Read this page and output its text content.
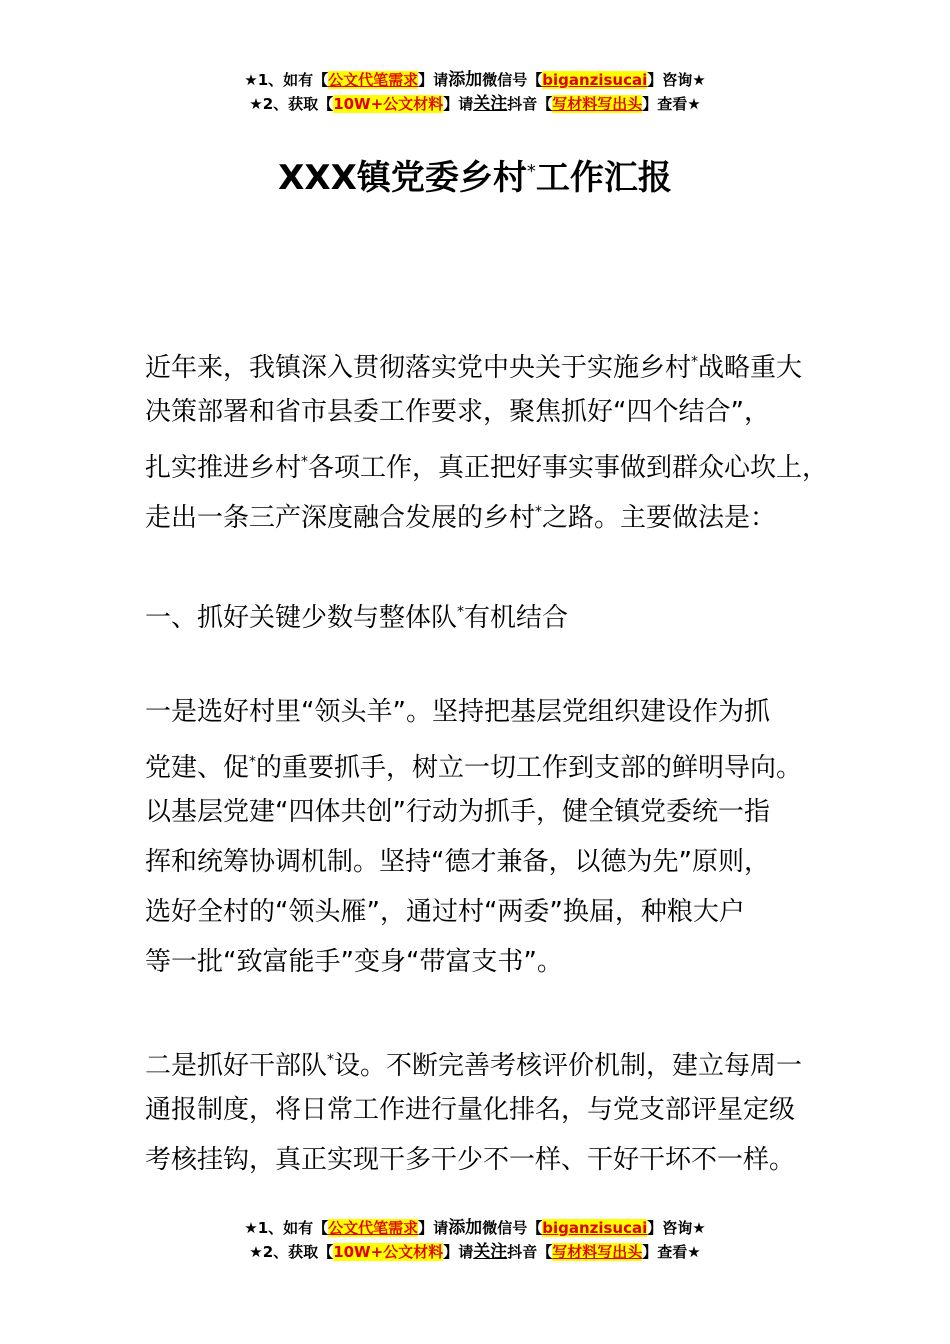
★1、如有【公文代笔需求】请添加微信号【biganzisucai】咨询★
★2、获取【10W+公文材料】请关注抖音【写材料写出头】查看★
XXX镇党委乡村*工作汇报
近年来，我镇深入贯彻落实党中央关于实施乡村*战略重大
决策部署和省市县委工作要求，聚焦抓好“四个结合”，
扎实推进乡村*各项工作，真正把好事实事做到群众心坎上，
走出一条三产深度融合发展的乡村*之路。主要做法是：
一、抓好关键少数与整体队*有机结合
一是选好村里“领头羊”。坚持把基层党组织建设作为抓
党建、促*的重要抓手，树立一切工作到支部的鲜明导向。
以基层党建“四体共创”行动为抓手，健全镇党委统一指
挥和统筹协调机制。坚持“德才兼备，以德为先”原则，
选好全村的“领头雁”，通过村“两委”换届，种粮大户
等一批“致富能手”变身“带富支书”。
二是抓好干部队*设。不断完善考核评价机制，建立每周一
通报制度，将日常工作进行量化排名，与党支部评星定级
考核挂钩，真正实现干多干少不一样、干好干坏不一样。
★1、如有【公文代笔需求】请添加微信号【biganzisucai】咨询★
★2、获取【10W+公文材料】请关注抖音【写材料写出头】查看★
